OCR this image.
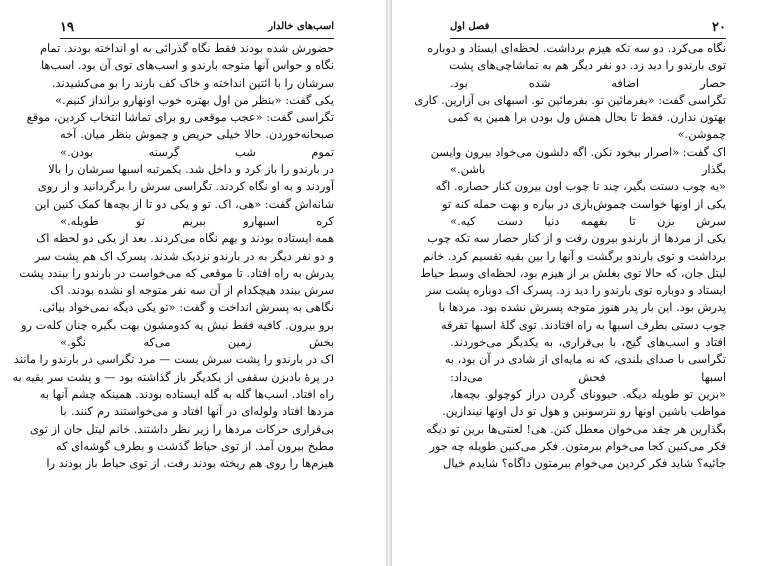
۱۹	اسب‌های خالدار
حضورش شده بودند فقط نگاه گذرائی به او انداخته بودند. تمام
نگاه و حواس آنها متوجه بارندو و اسب‌های توی آن بود. اسب‌ها
سرشان را با ائتین انداخته و خاک کف بارند را بو می‌کشیدند.
یکی گفت: «بنظر من اول بهتره خوب اونهارو برانداز کنیم.»
تگراسی گفت: «عجب موقعی رو برای تماشا انتخاب کردین، موقع
صبحانه‌خوردن. حالا خیلی حریص و چموش بنظر میان. آخه
تموم شب گرسنه بودن.»
در بارندو را باز کرد و داخل شد. یکمرتبه اسبها سرشان را بالا
آوردند و به او نگاه کردند. تگراسی سرش را برگردانید و از روی
شانه‌اش گفت: «هی، اک. تو و یکی دو تا از بچه‌ها کمک کنین این
کره اسبهارو ببریم تو طویله.»
همه ایستاده بودند و بهم نگاه می‌کردند. بعد از یکی دو لحظه اک
و دو نفر دیگر به در بارندو نزدیک شدند. پسرک اک هم پشت سر
پدرش به راه افتاد. تا موقعی که می‌خواست در بارندو را ببندد پشت
سرش ببندد هیچکدام از آن سه نفر متوجه او نشده بودند. اک
نگاهی به پسرش انداخت و گفت: «تو یکی دیگه نمی‌خواد بیائی.
برو بیرون. کافیه فقط نیش یه کدومشون بهت بگیره چنان کلەت رو
بخش زمین می‌که نگو.»
اک در بارندو را پشت سرش بست — مرد تگراسی در بارندو را مانند
در پرهٔ بادبزن سقفی از یکدیگر باز گذاشته بود — و پشت سر بقیه به
راه افتاد. اسب‌ها گله به گله ایستاده بودند. همینکه چشم آنها به
مردها افتاد ولوله‌ای در آنها افتاد و می‌خواستند رم کنند. با
بی‌قراری حرکات مردها را زیر نظر داشتند. خانم لیتل جان از توی
مطبخ بیرون آمد. از توی حیاط گذشت و بطرف گوشه‌ای که
هیزم‌ها را روی هم ریخته بودند رفت. از توی حیاط باز بودند را
۲۰
فصل اول
نگاه می‌کرد. دو سه تکه هیزم برداشت. لحظه‌ای ایستاد و دوباره
توی بارندو را دید زد. دو نفر دیگر هم به تماشاچی‌های پشت
حصار اضافه شده بود.
تگراسی گفت: «بفرمائین تو. بفرمائین تو. اسبهای بی آزارین. کاری
بهتون ندارن. فقط تا بحال همش ول بودن برا همین یه کمی
چموشن.»
اک گفت: «اصرار بیخود نکن. اگه دلشون می‌خواد بیرون وایسن
بگذار باشن.»
«یه چوب دستت بگیر، چند تا چوب اون بیرون کنار حصاره. اگه
یکی از اونها خواست چموش‌بازی در بیاره و بهت حمله کنه تو
سرش بزن تا بفهمه دنیا دست کیه.»
یکی از مردها از بارندو بیرون رفت و از کنار حصار سه تکه چوب
برداشت و توی بارندو برگشت و آنها را بین بقیه تقسیم کرد. خانم
لیتل جان، که حالا توی بغلش بر از هیزم بود، لحظه‌ای وسط حیاط
ایستاد و دوباره توی بارندو را دید زد. پسرک اک دوباره پشت سر
پدرش بود. این بار پدر هنوز متوجه پسرش نشده بود. مردها با
چوب دستی بطرف اسبها به راه افتادند. توی گلهٔ اسبها تفرقه
افتاد و اسب‌های گیج، با بی‌قراری، به یکدیگر می‌خوردند.
تگراسی با صدای بلندی، که نه مایه‌ای از شادی در آن بود، به
اسبها فحش می‌داد:
«برین تو طویله دیگه. حیوونای گردن دراز کوچولو. بچه‌ها،
مواظب باشین اونها رو نترسونین و هول تو دل اونها نیندازین.
بگذارین هر چقد می‌خوان معطل کنن. هی! لعنتی‌ها برین تو دیگه
فکر می‌کنین کجا می‌خوام ببرمتون. فکر می‌کنین طویله چه جور
جائیه؟ شاید فکر کردین می‌خوام ببرمتون داگاه؟ شایدم خیال
